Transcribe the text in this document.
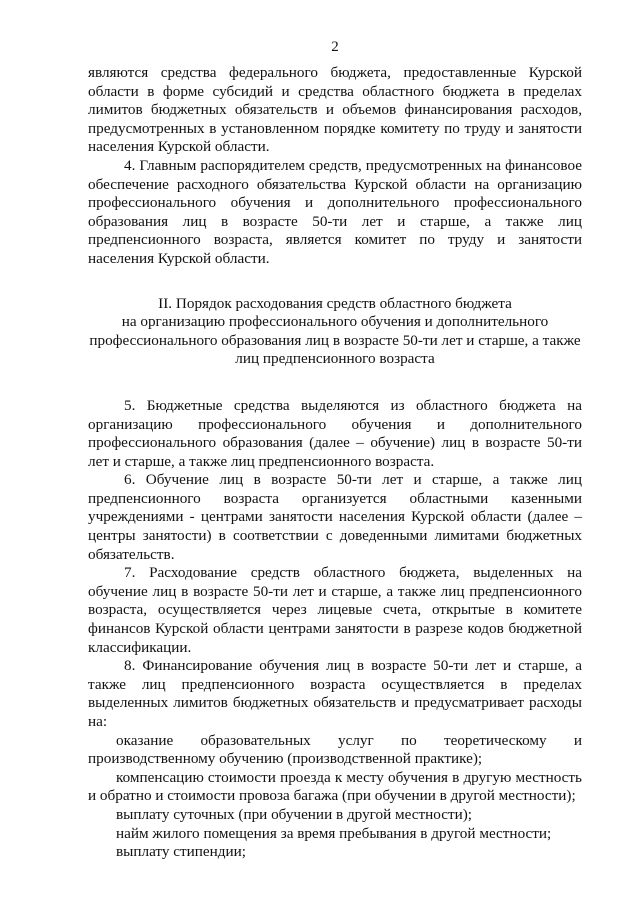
2

являются средства федерального бюджета, предоставленные Курской области в форме субсидий и средства областного бюджета в пределах лимитов бюджетных обязательств и объемов финансирования расходов, предусмотренных в установленном порядке комитету по труду и занятости населения Курской области.

4. Главным распорядителем средств, предусмотренных на финансовое обеспечение расходного обязательства Курской области на организацию профессионального обучения и дополнительного профессионального образования лиц в возрасте 50-ти лет и старше, а также лиц предпенсионного возраста, является комитет по труду и занятости населения Курской области.

II. Порядок расходования средств областного бюджета
на организацию профессионального обучения и дополнительного
профессионального образования лиц в возрасте 50-ти лет и старше, а также
лиц предпенсионного возраста

5. Бюджетные средства выделяются из областного бюджета на организацию профессионального обучения и дополнительного профессионального образования (далее – обучение) лиц в возрасте 50-ти лет и старше, а также лиц предпенсионного возраста.

6. Обучение лиц в возрасте 50-ти лет и старше, а также лиц предпенсионного возраста организуется областными казенными учреждениями - центрами занятости населения Курской области (далее – центры занятости) в соответствии с доведенными лимитами бюджетных обязательств.

7. Расходование средств областного бюджета, выделенных на обучение лиц в возрасте 50-ти лет и старше, а также лиц предпенсионного возраста, осуществляется через лицевые счета, открытые в комитете финансов Курской области центрами занятости в разрезе кодов бюджетной классификации.

8. Финансирование обучения лиц в возрасте 50-ти лет и старше, а также лиц предпенсионного возраста осуществляется в пределах выделенных лимитов бюджетных обязательств и предусматривает расходы на:

оказание образовательных услуг по теоретическому и производственному обучению (производственной практике);

компенсацию стоимости проезда к месту обучения в другую местность и обратно и стоимости провоза багажа (при обучении в другой местности);

выплату суточных (при обучении в другой местности);

найм жилого помещения за время пребывания в другой местности;

выплату стипендии;
